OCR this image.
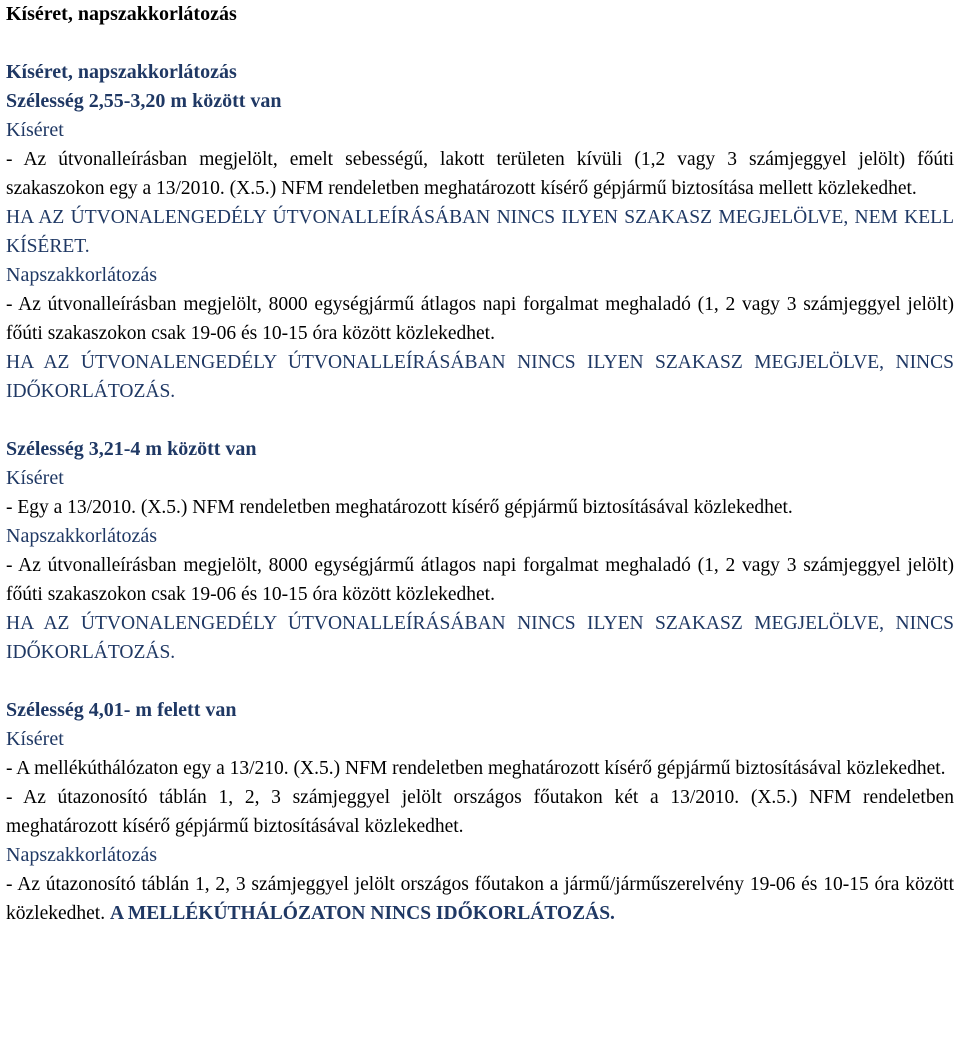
Kíséret, napszakkorlátozás

Kíséret, napszakkorlátozás

Szélesség 2,55-3,20 m között van

Kíséret

- Az útvonalleírásban megjelölt, emelt sebességű, lakott területen kívüli (1,2 vagy 3 számjeggyel jelölt) főúti szakaszokon egy a 13/2010. (X.5.) NFM rendeletben meghatározott kísérő gépjármű biztosítása mellett közlekedhet.

HA AZ ÚTVONALENGEDÉLY ÚTVONALLEÍRÁSÁBAN NINCS ILYEN SZAKASZ MEGJELÖLVE, NEM KELL KÍSÉRET.

Napszakkorlátozás

- Az útvonalleírásban megjelölt, 8000 egységjármű átlagos napi forgalmat meghaladó (1, 2 vagy 3 számjeggyel jelölt) főúti szakaszokon csak 19-06 és 10-15 óra között közlekedhet.

HA AZ ÚTVONALENGEDÉLY ÚTVONALLEÍRÁSÁBAN NINCS ILYEN SZAKASZ MEGJELÖLVE, NINCS IDŐKORLÁTOZÁS.

Szélesség 3,21-4 m között van

Kíséret

- Egy a 13/2010. (X.5.) NFM rendeletben meghatározott kísérő gépjármű biztosításával közlekedhet.

Napszakkorlátozás

- Az útvonalleírásban megjelölt, 8000 egységjármű átlagos napi forgalmat meghaladó (1, 2 vagy 3 számjeggyel jelölt) főúti szakaszokon csak 19-06 és 10-15 óra között közlekedhet.

HA AZ ÚTVONALENGEDÉLY ÚTVONALLEÍRÁSÁBAN NINCS ILYEN SZAKASZ MEGJELÖLVE, NINCS IDŐKORLÁTOZÁS.

Szélesség 4,01- m felett van

Kíséret

- A mellékúthálózaton egy a 13/210. (X.5.) NFM rendeletben meghatározott kísérő gépjármű biztosításával közlekedhet.

- Az útazonosító táblán 1, 2, 3 számjeggyel jelölt országos főutakon két a 13/2010. (X.5.) NFM rendeletben meghatározott kísérő gépjármű biztosításával közlekedhet.

Napszakkorlátozás

- Az útazonosító táblán 1, 2, 3 számjeggyel jelölt országos főutakon a jármű/járműszerelvény 19-06 és 10-15 óra között közlekedhet. A MELLÉKÚTHÁLÓZATON NINCS IDŐKORLÁTOZÁS.
